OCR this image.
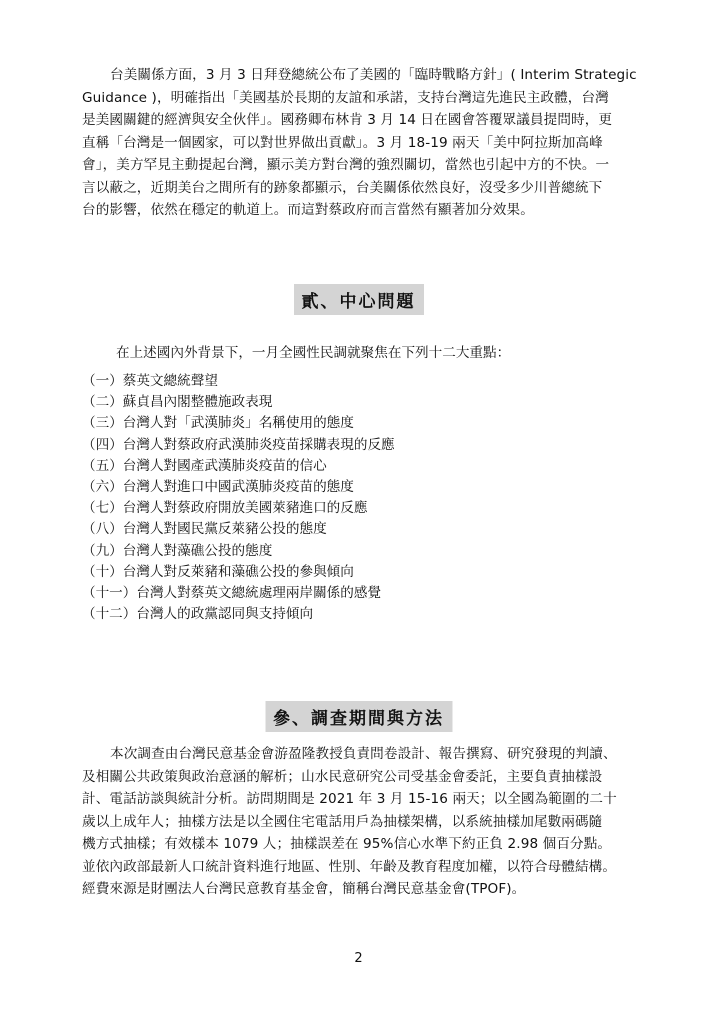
台美關係方面，3 月 3 日拜登總統公布了美國的「臨時戰略方針」( Interim Strategic
Guidance )，明確指出「美國基於長期的友誼和承諾，支持台灣這先進民主政體，台灣
是美國關鍵的經濟與安全伙伴」。國務卿布林肯 3 月 14 日在國會答覆眾議員提問時，更
直稱「台灣是一個國家，可以對世界做出貢獻」。3 月 18-19 兩天「美中阿拉斯加高峰
會」，美方罕見主動提起台灣，顯示美方對台灣的強烈關切，當然也引起中方的不快。一
言以蔽之，近期美台之間所有的跡象都顯示，台美關係依然良好，沒受多少川普總統下
台的影響，依然在穩定的軌道上。而這對蔡政府而言當然有顯著加分效果。
貳、中心問題

在上述國內外背景下，一月全國性民調就聚焦在下列十二大重點：

（一）蔡英文總統聲望
（二）蘇貞昌內閣整體施政表現
（三）台灣人對「武漢肺炎」名稱使用的態度
（四）台灣人對蔡政府武漢肺炎疫苗採購表現的反應
（五）台灣人對國產武漢肺炎疫苗的信心
（六）台灣人對進口中國武漢肺炎疫苗的態度
（七）台灣人對蔡政府開放美國萊豬進口的反應
（八）台灣人對國民黨反萊豬公投的態度
（九）台灣人對藻礁公投的態度
（十）台灣人對反萊豬和藻礁公投的參與傾向
（十一）台灣人對蔡英文總統處理兩岸關係的感覺
（十二）台灣人的政黨認同與支持傾向
參、調查期間與方法
本次調查由台灣民意基金會游盈隆教授負責問卷設計、報告撰寫、研究發現的判讀、
及相關公共政策與政治意涵的解析；山水民意研究公司受基金會委託，主要負責抽樣設
計、電話訪談與統計分析。訪問期間是 2021 年 3 月 15-16 兩天；以全國為範圍的二十
歲以上成年人；抽樣方法是以全國住宅電話用戶為抽樣架構，以系統抽樣加尾數兩碼隨
機方式抽樣；有效樣本 1079 人；抽樣誤差在 95%信心水準下約正負 2.98 個百分點。
並依內政部最新人口統計資料進行地區、性別、年齡及教育程度加權，以符合母體結構。
經費來源是財團法人台灣民意教育基金會，簡稱台灣民意基金會(TPOF)。
2
